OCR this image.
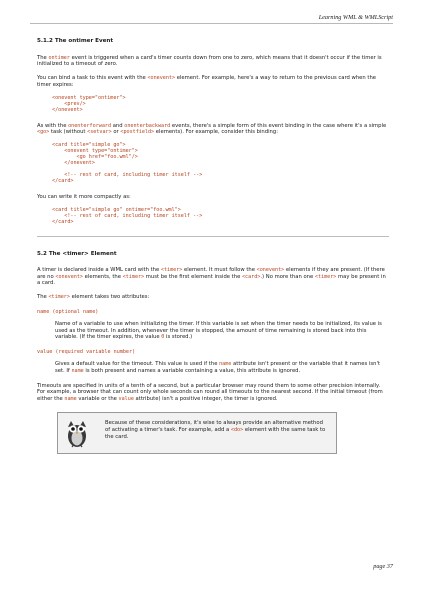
Learning WML & WMLScript
5.1.2 The ontimer Event

The ontimer event is triggered when a card's timer counts down from one to zero, which means that it doesn't occur if the timer is initialized to a timeout of zero.

You can bind a task to this event with the <onevent> element. For example, here's a way to return to the previous card when the timer expires:

<onevent type="ontimer">
<prev/>
</onevent>

As with the onenterforward and onenterbackward events, there's a simple form of this event binding in the case where it's a simple <go> task (without <setvar> or <postfield> elements). For example, consider this binding:

<card title="simple go">
<onevent type="ontimer">
<go href="foo.wml"/>
</onevent>

<!-- rest of card, including timer itself -->
</card>

You can write it more compactly as:

<card title="simple go" ontimer="foo.wml">
<!-- rest of card, including timer itself -->
</card>
5.2 The <timer> Element

A timer is declared inside a WML card with the <timer> element. It must follow the <onevent> elements if they are present. (If there are no <onevent> elements, the <timer> must be the first element inside the <card>.) No more than one <timer> may be present in a card.

The <timer> element takes two attributes:

name (optional name)

Name of a variable to use when initializing the timer. If this variable is set when the timer needs to be initialized, its value is used as the timeout. In addition, whenever the timer is stopped, the amount of time remaining is stored back into this variable. (If the timer expires, the value 0 is stored.)

value (required variable number)

Gives a default value for the timeout. This value is used if the name attribute isn't present or the variable that it names isn't set. If name is both present and names a variable containing a value, this attribute is ignored.

Timeouts are specified in units of a tenth of a second, but a particular browser may round them to some other precision internally. For example, a browser that can count only whole seconds can round all timeouts to the nearest second. If the initial timeout (from either the name variable or the value attribute) isn't a positive integer, the timer is ignored.

Because of these considerations, it's wise to always provide an alternative method of activating a timer's task. For example, add a <do> element with the same task to the card.
page 37
